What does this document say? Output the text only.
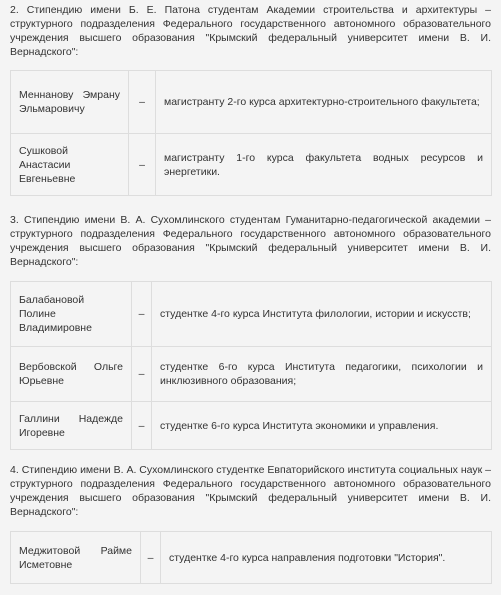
2. Стипендию имени Б. Е. Патона студентам Академии строительства и архитектуры – структурного подразделения Федерального государственного автономного образовательного учреждения высшего образования "Крымский федеральный университет имени В. И. Вернадского":
Меннанову Эмрану Эльмаровичу	–	магистранту 2-го курса архитектурно-строительного факультета;
Сушковой Анастасии Евгеньевне	–	магистранту 1-го курса факультета водных ресурсов и энергетики.
3. Стипендию имени В. А. Сухомлинского студентам Гуманитарно-педагогической академии – структурного подразделения Федерального государственного автономного образовательного учреждения высшего образования "Крымский федеральный университет имени В. И. Вернадского":
Балабановой Полине Владимировне	–	студентке 4-го курса Института филологии, истории и искусств;
Вербовской Ольге Юрьевне	–	студентке 6-го курса Института педагогики, психологии и инклюзивного образования;
Галлини Надежде Игоревне	–	студентке 6-го курса Института экономики и управления.
4. Стипендию имени В. А. Сухомлинского студентке Евпаторийского института социальных наук – структурного подразделения Федерального государственного автономного образовательного учреждения высшего образования "Крымский федеральный университет имени В. И. Вернадского":
Меджитовой Райме Исметовне	–	студентке 4-го курса направления подготовки "История".
